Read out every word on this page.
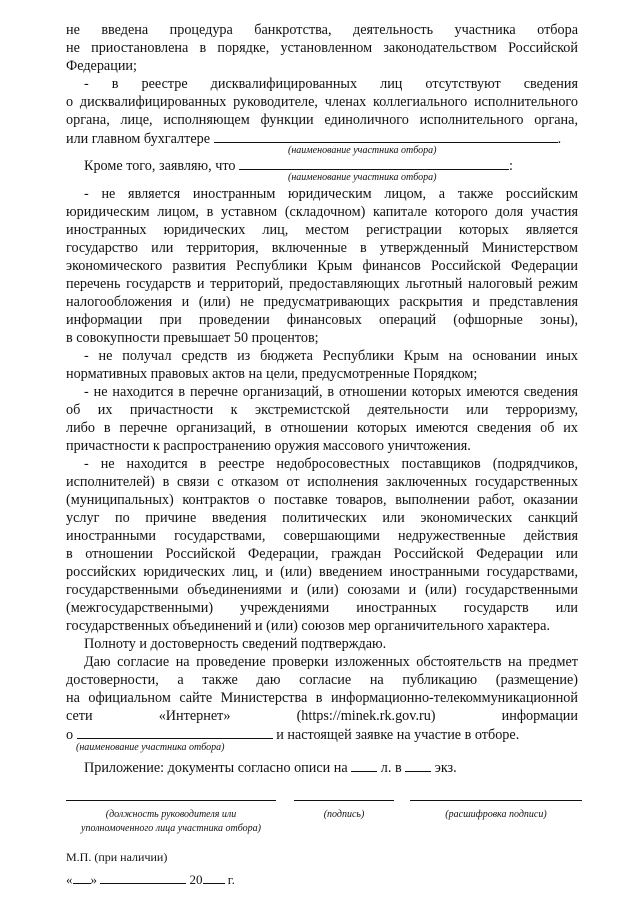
не введена процедура банкротства, деятельность участника отбора
не приостановлена в порядке, установленном законодательством Российской
Федерации;
- в реестре дисквалифицированных лиц отсутствуют сведения
о дисквалифицированных руководителе, членах коллегиального исполнительного
органа, лице, исполняющем функции единоличного исполнительного органа,
или главном бухгалтере	.
(наименование участника отбора)
Кроме того, заявляю, что	:
(наименование участника отбора)
- не является иностранным юридическим лицом, а также российским
юридическим лицом, в уставном (складочном) капитале которого доля участия
иностранных юридических лиц, местом регистрации которых является
государство или территория, включенные в утвержденный Министерством
экономического развития Республики Крым финансов Российской Федерации
перечень государств и территорий, предоставляющих льготный налоговый режим
налогообложения и (или) не предусматривающих раскрытия и представления
информации при проведении финансовых операций (офшорные зоны),
в совокупности превышает 50 процентов;
- не получал средств из бюджета Республики Крым на основании иных
нормативных правовых актов на цели, предусмотренные Порядком;
- не находится в перечне организаций, в отношении которых имеются сведения
об их причастности к экстремистской деятельности или терроризму,
либо в перечне организаций, в отношении которых имеются сведения об их
причастности к распространению оружия массового уничтожения.
- не находится в реестре недобросовестных поставщиков (подрядчиков,
исполнителей) в связи с отказом от исполнения заключенных государственных
(муниципальных) контрактов о поставке товаров, выполнении работ, оказании
услуг по причине введения политических или экономических санкций
иностранными государствами, совершающими недружественные действия
в отношении Российской Федерации, граждан Российской Федерации или
российских юридических лиц, и (или) введением иностранными государствами,
государственными объединениями и (или) союзами и (или) государственными
(межгосударственными) учреждениями иностранных государств или
государственных объединений и (или) союзов мер органичительного характера.
Полноту и достоверность сведений подтверждаю.
Даю согласие на проведение проверки изложенных обстоятельств на предмет
достоверности, а также даю согласие на публикацию (размещение)
на официальном сайте Министерства в информационно-телекоммуникационной
сети «Интернет» (https://minek.rk.gov.ru) информации
о	и настоящей заявке на участие в отборе.
(наименование участника отбора)
Приложение: документы согласно описи на л. в экз.
(должность руководителя или
уполномоченного лица участника отбора)
(подпись)	(расшифровка подписи)
М.П. (при наличии)
« »	20 г.
